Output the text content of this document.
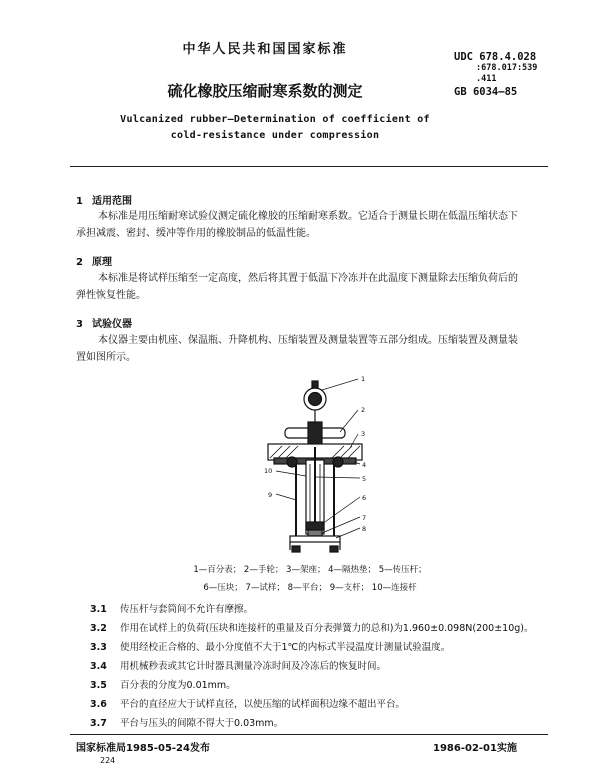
中华人民共和国国家标准	UDC 678.4.028
:678.017:539
.411
硫化橡胶压缩耐寒系数的测定	GB 6034—85
Vulcanized rubber—Determination of coefficient of
cold-resistance under compression
1 适用范围
本标准是用压缩耐寒试验仪测定硫化橡胶的压缩耐寒系数。它适合于测量长期在低温压缩状态下
承担减震、密封、缓冲等作用的橡胶制品的低温性能。
2 原理
本标准是将试样压缩至一定高度，然后将其置于低温下冷冻并在此温度下测量除去压缩负荷后的
弹性恢复性能。
3 试验仪器
本仪器主要由机座、保温瓶、升降机构、压缩装置及测量装置等五部分组成。压缩装置及测量装
置如图所示。
1
2
3
4
5
6
7
8
9
10
1—百分表； 2—手轮； 3—架座； 4—隔热垫； 5—传压杆；
6—压块； 7—试样； 8—平台； 9—支杆； 10—连接杆
3.1 传压杆与套筒间不允许有摩擦。
3.2 作用在试样上的负荷(压块和连接杆的重量及百分表弹簧力的总和)为1.960±0.098N(200±10g)。
3.3 使用经校正合格的、最小分度值不大于1℃的内标式半浸温度计测量试验温度。
3.4 用机械秒表或其它计时器具测量冷冻时间及冷冻后的恢复时间。
3.5 百分表的分度为0.01mm。
3.6 平台的直径应大于试样直径，以使压缩的试样面积边缘不超出平台。
3.7 平台与压头的间隙不得大于0.03mm。
国家标准局1985-05-24发布	1986-02-01实施
224
